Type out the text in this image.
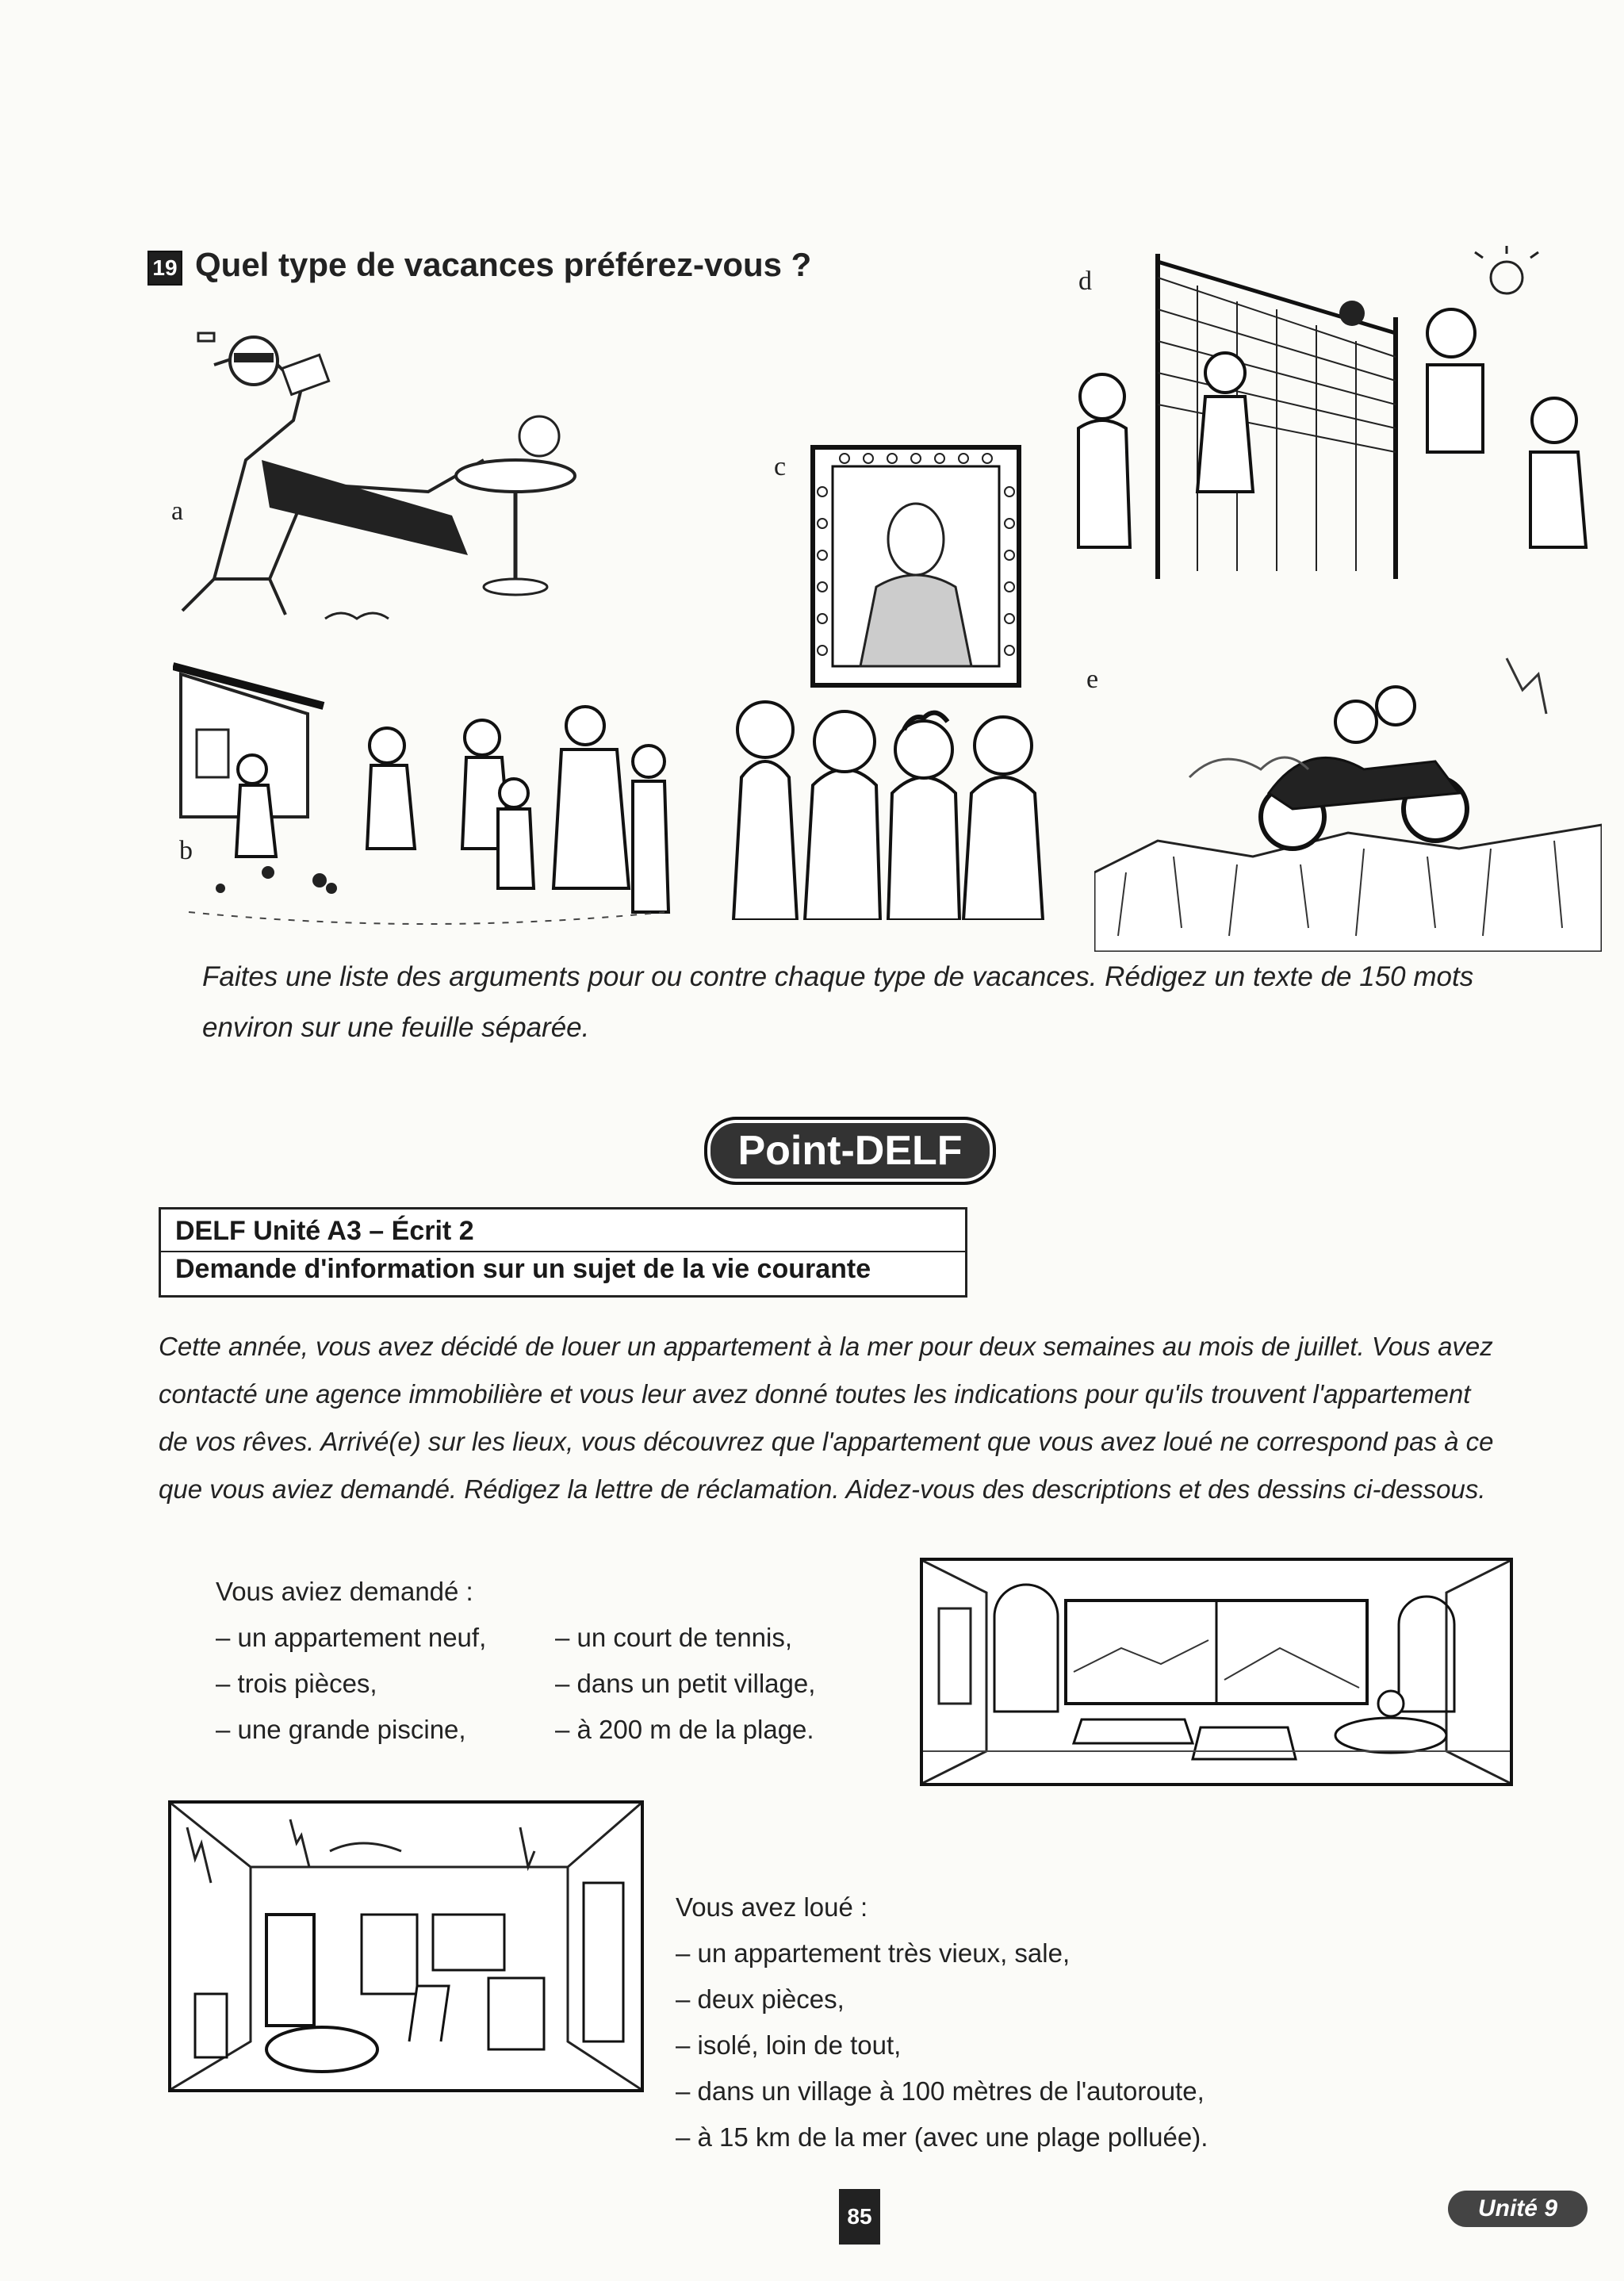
19 Quel type de vacances préférez-vous ?
a
c
d
b
e
Faites une liste des arguments pour ou contre chaque type de vacances. Rédigez un texte de 150 mots environ sur une feuille séparée.
Point-DELF
DELF Unité A3 – Écrit 2
Demande d'information sur un sujet de la vie courante
Cette année, vous avez décidé de louer un appartement à la mer pour deux semaines au mois de juillet. Vous avez contacté une agence immobilière et vous leur avez donné toutes les indications pour qu'ils trouvent l'appartement de vos rêves. Arrivé(e) sur les lieux, vous découvrez que l'appartement que vous avez loué ne correspond pas à ce que vous aviez demandé. Rédigez la lettre de réclamation. Aidez-vous des descriptions et des dessins ci-dessous.
Vous aviez demandé :
– un appartement neuf,
– trois pièces,
– une grande piscine,
– un court de tennis,
– dans un petit village,
– à 200 m de la plage.
Vous avez loué :
– un appartement très vieux, sale,
– deux pièces,
– isolé, loin de tout,
– dans un village à 100 mètres de l'autoroute,
– à 15 km de la mer (avec une plage polluée).
85	Unité 9
